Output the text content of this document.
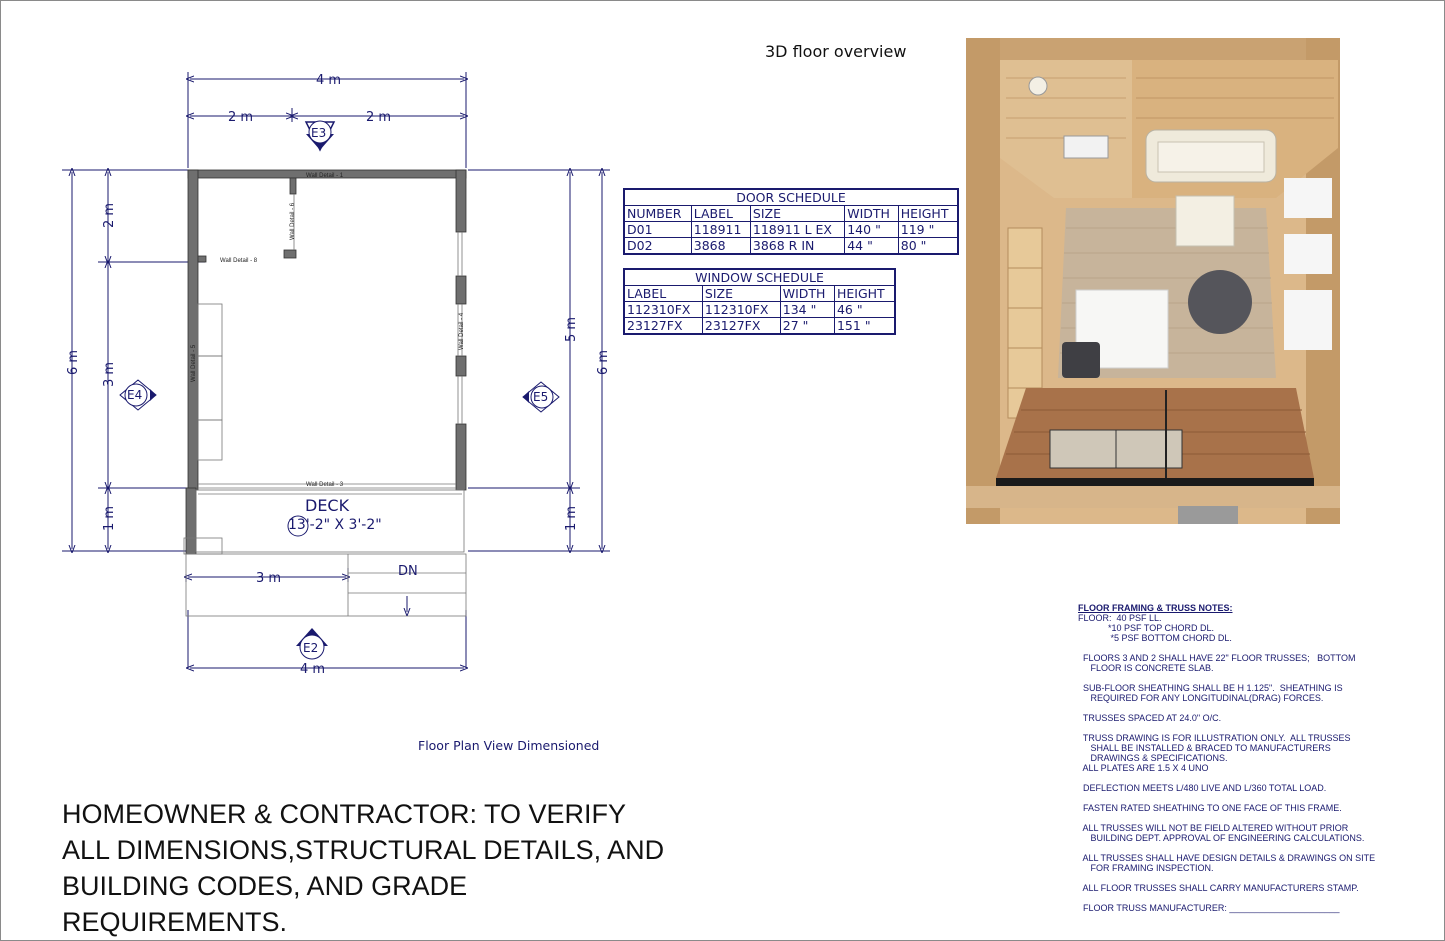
4 m
2 m	2 m
4 m
3 m
6 m
2 m
3 m
1 m
5 m
6 m
1 m
E3
E4	E5
E2
Wall Detail - 1
Wall Detail - 3
Wall Detail - 8
Wall Detail - 6
Wall Detail - 5
Wall Detail - 4
DECK
13'-2" X 3'-2"
DN
Floor Plan View Dimensioned
DOOR SCHEDULE				
NUMBER	LABEL	SIZE	WIDTH	HEIGHT
D01	118911	118911 L EX	140 "	119 "
D02	3868	3868 R IN	44 "	80 "
WINDOW SCHEDULE			
LABEL	SIZE	WIDTH	HEIGHT
112310FX	112310FX	134 "	46 "
23127FX	23127FX	27 "	151 "
3D floor overview
HOMEOWNER & CONTRACTOR: TO VERIFY
ALL DIMENSIONS,STRUCTURAL DETAILS, AND
BUILDING CODES, AND GRADE
REQUIREMENTS.
FLOOR FRAMING & TRUSS NOTES:
FLOOR:  40 PSF LL.
*10 PSF TOP CHORD DL.
*5 PSF BOTTOM CHORD DL.
FLOORS 3 AND 2 SHALL HAVE 22" FLOOR TRUSSES;   BOTTOM
FLOOR IS CONCRETE SLAB.
SUB-FLOOR SHEATHING SHALL BE H 1.125".  SHEATHING IS
REQUIRED FOR ANY LONGITUDINAL(DRAG) FORCES.
TRUSSES SPACED AT 24.0" O/C.
TRUSS DRAWING IS FOR ILLUSTRATION ONLY.  ALL TRUSSES
SHALL BE INSTALLED & BRACED TO MANUFACTURERS
DRAWINGS & SPECIFICATIONS.
ALL PLATES ARE 1.5 X 4 UNO
DEFLECTION MEETS L/480 LIVE AND L/360 TOTAL LOAD.
FASTEN RATED SHEATHING TO ONE FACE OF THIS FRAME.
ALL TRUSSES WILL NOT BE FIELD ALTERED WITHOUT PRIOR
BUILDING DEPT. APPROVAL OF ENGINEERING CALCULATIONS.
ALL TRUSSES SHALL HAVE DESIGN DETAILS & DRAWINGS ON SITE
FOR FRAMING INSPECTION.
ALL FLOOR TRUSSES SHALL CARRY MANUFACTURERS STAMP.
FLOOR TRUSS MANUFACTURER: ______________________
